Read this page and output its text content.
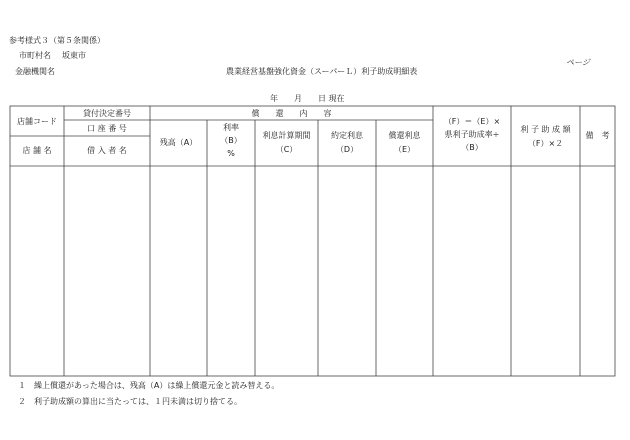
参考様式３（第５条関係）
市町村名 坂東市
金融機関名	農業経営基盤強化資金（スーパーＬ）利子助成明細表
ページ
年　　月　　日 現在
店舗コード
貸付決定番号
口 座 番 号
店 舗 名	借 入 者 名
償　　還　　内　　容
残高（A）
利率
（B）
%
利息計算期間
（C）
約定利息
（D）
償還利息
（E）
（F）＝（E）×
県利子助成率÷
（B）
利 子 助 成 額
（F）×２
備　考
１　繰上償還があった場合は、残高（A）は繰上償還元金と読み替える。
２　利子助成額の算出に当たっては、１円未満は切り捨てる。
